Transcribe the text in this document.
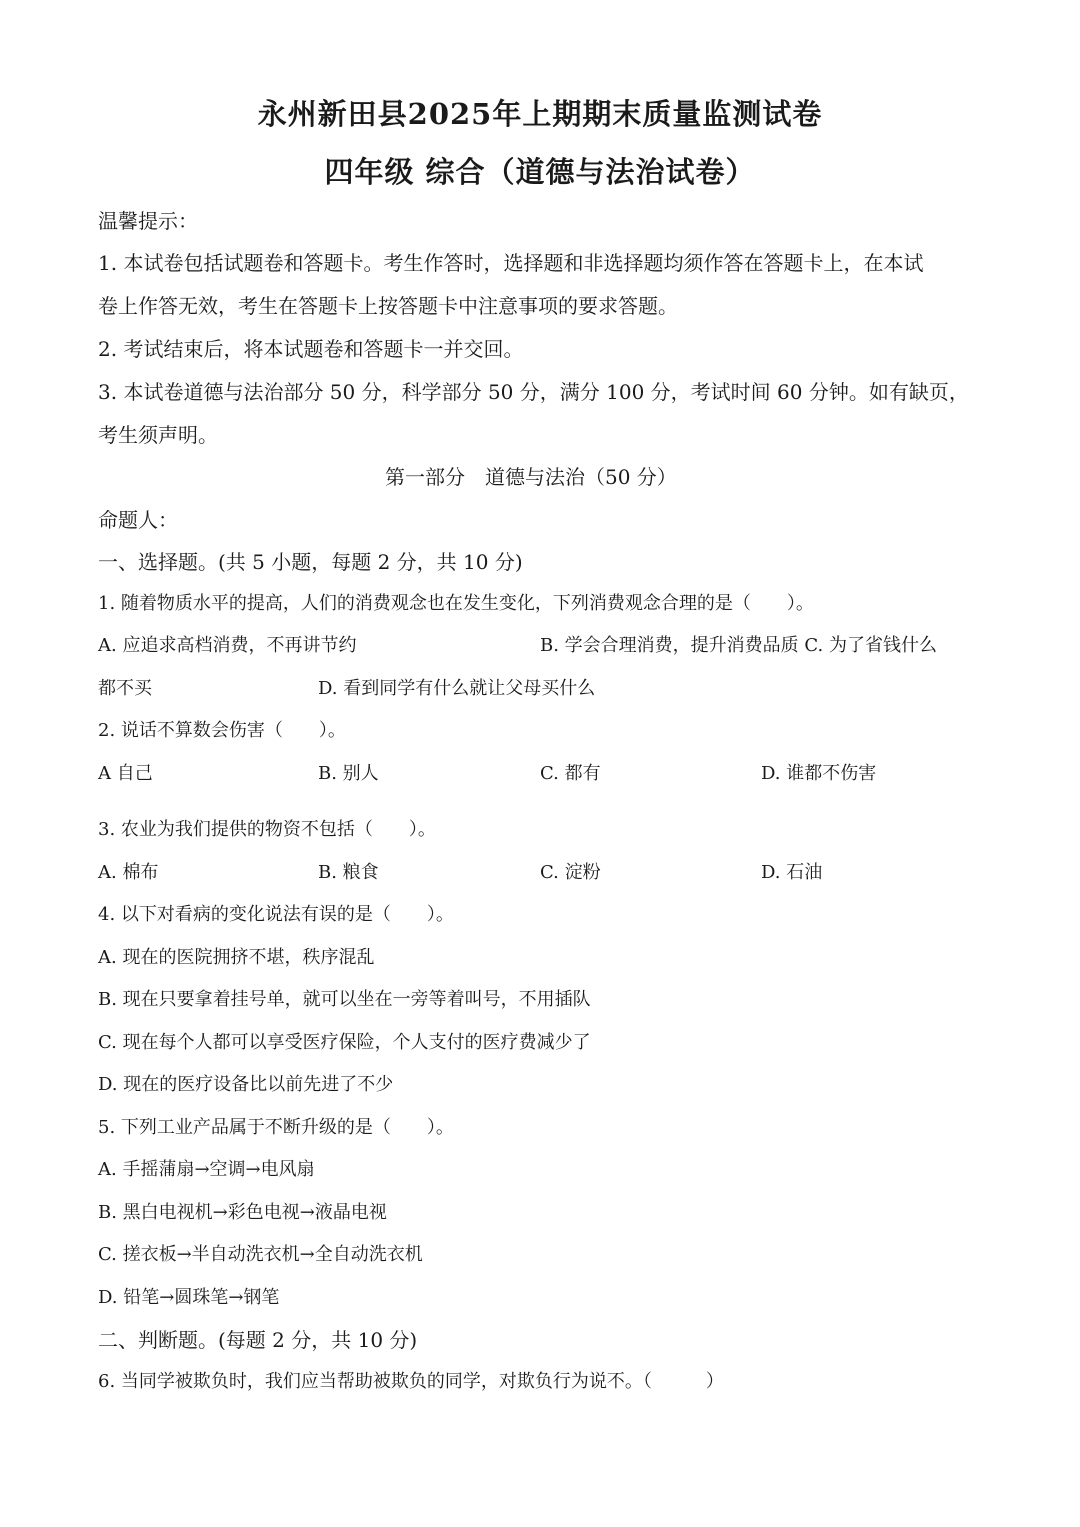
永州新田县2025年上期期末质量监测试卷
四年级 综合（道德与法治试卷）
温馨提示：
1. 本试卷包括试题卷和答题卡。考生作答时，选择题和非选择题均须作答在答题卡上，在本试
卷上作答无效，考生在答题卡上按答题卡中注意事项的要求答题。
2. 考试结束后，将本试题卷和答题卡一并交回。
3. 本试卷道德与法治部分 50 分，科学部分 50 分，满分 100 分，考试时间 60 分钟。如有缺页，
考生须声明。
第一部分　道德与法治（50 分）
命题人：
一、选择题。(共 5 小题，每题 2 分，共 10 分)
1. 随着物质水平的提高，人们的消费观念也在发生变化，下列消费观念合理的是（　　）。
A. 应追求高档消费，不再讲节约	B. 学会合理消费，提升消费品质 C. 为了省钱什么
都不买	D. 看到同学有什么就让父母买什么
2. 说话不算数会伤害（　　）。
A 自己	B. 别人	C. 都有	D. 谁都不伤害
3. 农业为我们提供的物资不包括（　　）。
A. 棉布	B. 粮食	C. 淀粉	D. 石油
4. 以下对看病的变化说法有误的是（　　）。
A. 现在的医院拥挤不堪，秩序混乱
B. 现在只要拿着挂号单，就可以坐在一旁等着叫号，不用插队
C. 现在每个人都可以享受医疗保险，个人支付的医疗费减少了
D. 现在的医疗设备比以前先进了不少
5. 下列工业产品属于不断升级的是（　　）。
A. 手摇蒲扇→空调→电风扇
B. 黑白电视机→彩色电视→液晶电视
C. 搓衣板→半自动洗衣机→全自动洗衣机
D. 铅笔→圆珠笔→钢笔
二、判断题。(每题 2 分，共 10 分)
6. 当同学被欺负时，我们应当帮助被欺负的同学，对欺负行为说不。（　　　）
